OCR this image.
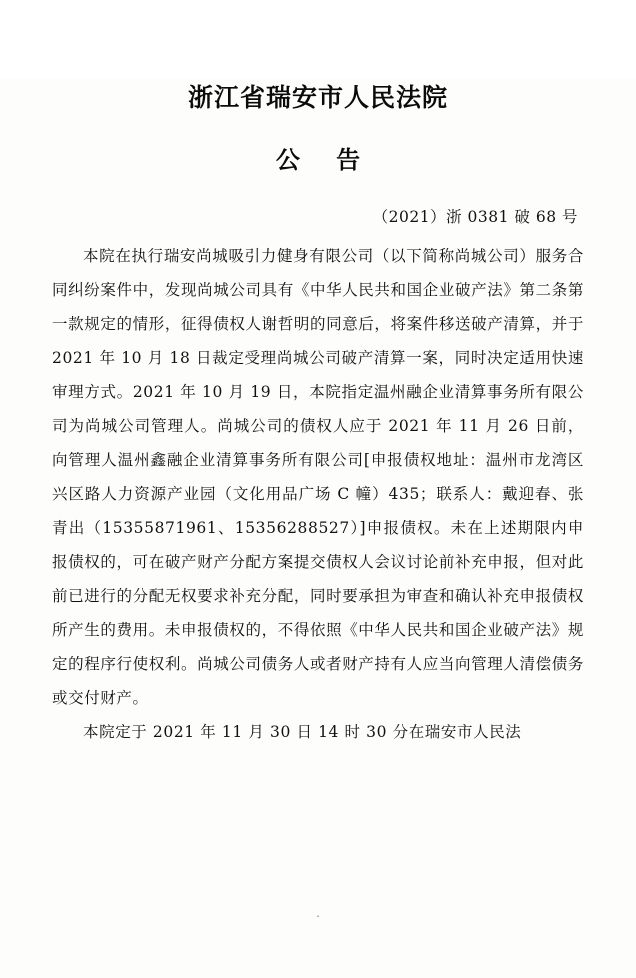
浙江省瑞安市人民法院
公 告
（2021）浙 0381 破 68 号

本院在执行瑞安尚城吸引力健身有限公司（以下简称尚城公司）服务合同纠纷案件中，发现尚城公司具有《中华人民共和国企业破产法》第二条第一款规定的情形，征得债权人谢哲明的同意后，将案件移送破产清算，并于 2021 年 10 月 18 日裁定受理尚城公司破产清算一案，同时决定适用快速审理方式。2021 年 10 月 19 日，本院指定温州融企业清算事务所有限公司为尚城公司管理人。尚城公司的债权人应于 2021 年 11 月 26 日前，向管理人温州鑫融企业清算事务所有限公司[申报债权地址：温州市龙湾区兴区路人力资源产业园（文化用品广场 C 幢）435；联系人：戴迎春、张青出（15355871961、15356288527）]申报债权。未在上述期限内申报债权的，可在破产财产分配方案提交债权人会议讨论前补充申报，但对此前已进行的分配无权要求补充分配，同时要承担为审查和确认补充申报债权所产生的费用。未申报债权的，不得依照《中华人民共和国企业破产法》规定的程序行使权利。尚城公司债务人或者财产持有人应当向管理人清偿债务或交付财产。

本院定于 2021 年 11 月 30 日 14 时 30 分在瑞安市人民法

.
